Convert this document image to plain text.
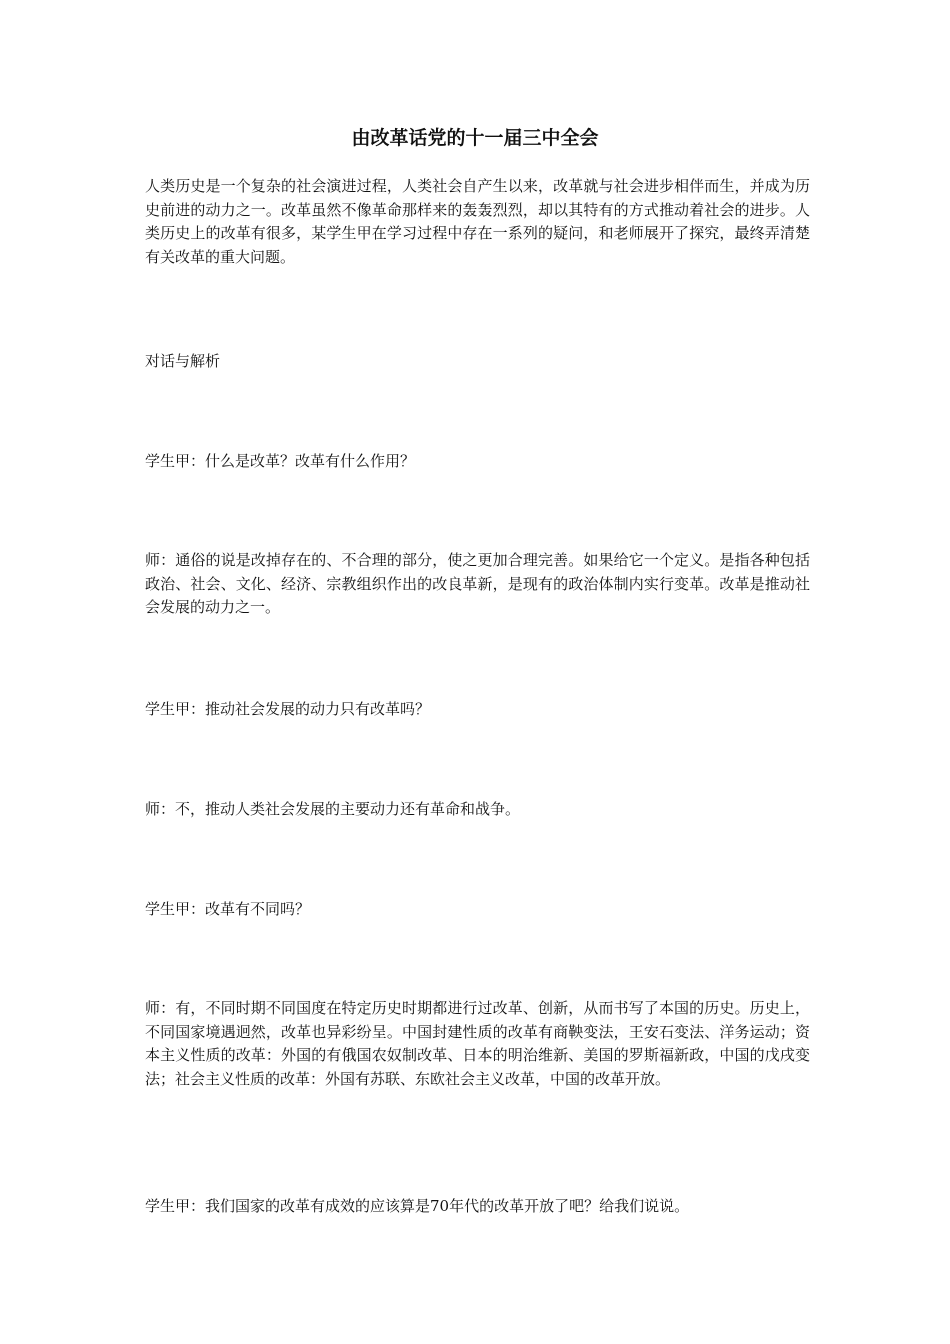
由改革话党的十一届三中全会

人类历史是一个复杂的社会演进过程，人类社会自产生以来，改革就与社会进步相伴而生，并成为历史前进的动力之一。改革虽然不像革命那样来的轰轰烈烈，却以其特有的方式推动着社会的进步。人类历史上的改革有很多，某学生甲在学习过程中存在一系列的疑问，和老师展开了探究，最终弄清楚有关改革的重大问题。

对话与解析

学生甲：什么是改革？改革有什么作用？

师：通俗的说是改掉存在的、不合理的部分，使之更加合理完善。如果给它一个定义。是指各种包括政治、社会、文化、经济、宗教组织作出的改良革新，是现有的政治体制内实行变革。改革是推动社会发展的动力之一。

学生甲：推动社会发展的动力只有改革吗？

师：不，推动人类社会发展的主要动力还有革命和战争。

学生甲：改革有不同吗？

师：有，不同时期不同国度在特定历史时期都进行过改革、创新，从而书写了本国的历史。历史上，不同国家境遇迥然，改革也异彩纷呈。中国封建性质的改革有商鞅变法，王安石变法、洋务运动；资本主义性质的改革：外国的有俄国农奴制改革、日本的明治维新、美国的罗斯福新政，中国的戊戌变法；社会主义性质的改革：外国有苏联、东欧社会主义改革，中国的改革开放。

学生甲：我们国家的改革有成效的应该算是70年代的改革开放了吧？给我们说说。
